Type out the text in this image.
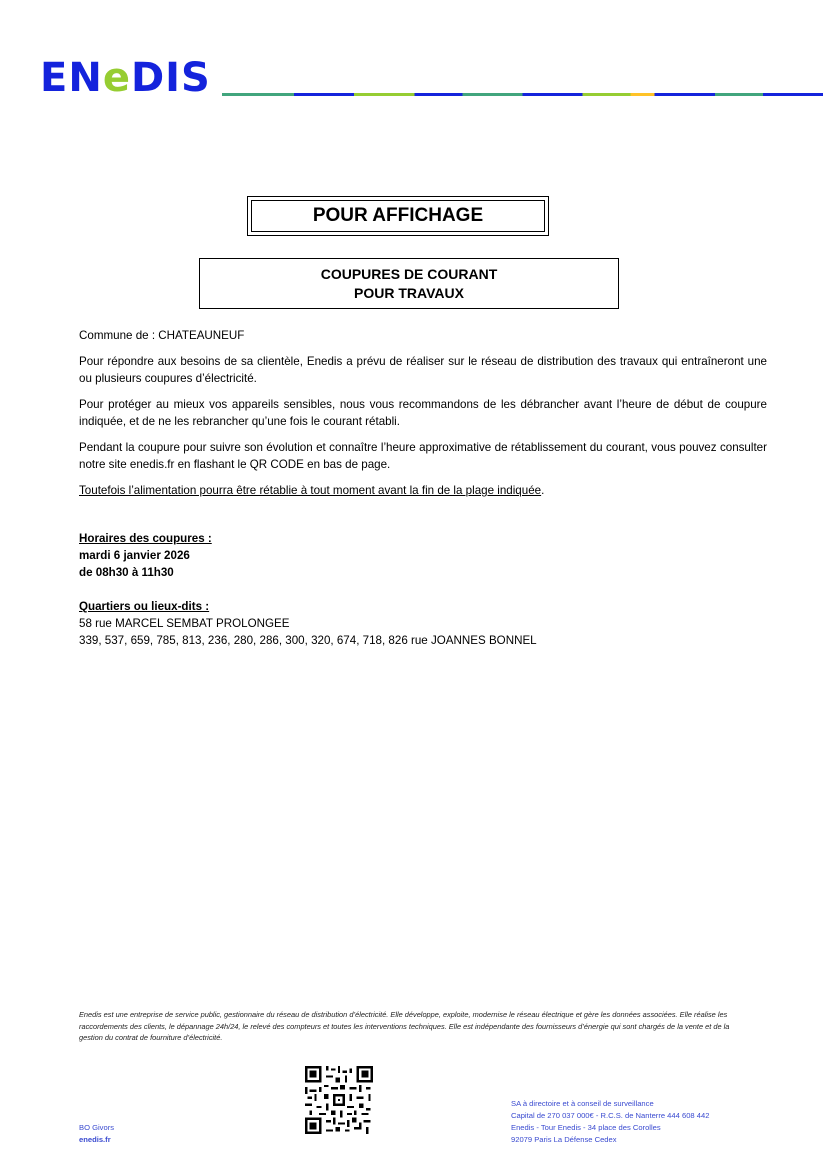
ENeDIS
POUR AFFICHAGE
COUPURES DE COURANT
POUR TRAVAUX

Commune de : CHATEAUNEUF

Pour répondre aux besoins de sa clientèle, Enedis a prévu de réaliser sur le réseau de distribution des travaux qui entraîneront une ou plusieurs coupures d’électricité.

Pour protéger au mieux vos appareils sensibles, nous vous recommandons de les débrancher avant l’heure de début de coupure indiquée, et de ne les rebrancher qu’une fois le courant rétabli.

Pendant la coupure pour suivre son évolution et connaître l’heure approximative de rétablissement du courant, vous pouvez consulter notre site enedis.fr en flashant le QR CODE en bas de page.

Toutefois l’alimentation pourra être rétablie à tout moment avant la fin de la plage indiquée.

Horaires des coupures :
mardi 6 janvier 2026
de 08h30 à 11h30
Quartiers ou lieux-dits :
58 rue MARCEL SEMBAT PROLONGEE
339, 537, 659, 785, 813, 236, 280, 286, 300, 320, 674, 718, 826 rue JOANNES BONNEL
Enedis est une entreprise de service public, gestionnaire du réseau de distribution d’électricité. Elle développe, exploite, modernise le réseau électrique et gère les données associées. Elle réalise les raccordements des clients, le dépannage 24h/24, le relevé des compteurs et toutes les interventions techniques. Elle est indépendante des fournisseurs d’énergie qui sont chargés de la vente et de la gestion du contrat de fourniture d’électricité.
BO Givors
enedis.fr
SA à directoire et à conseil de surveillance
Capital de 270 037 000€ - R.C.S. de Nanterre 444 608 442
Enedis - Tour Enedis - 34 place des Corolles
92079 Paris La Défense Cedex
